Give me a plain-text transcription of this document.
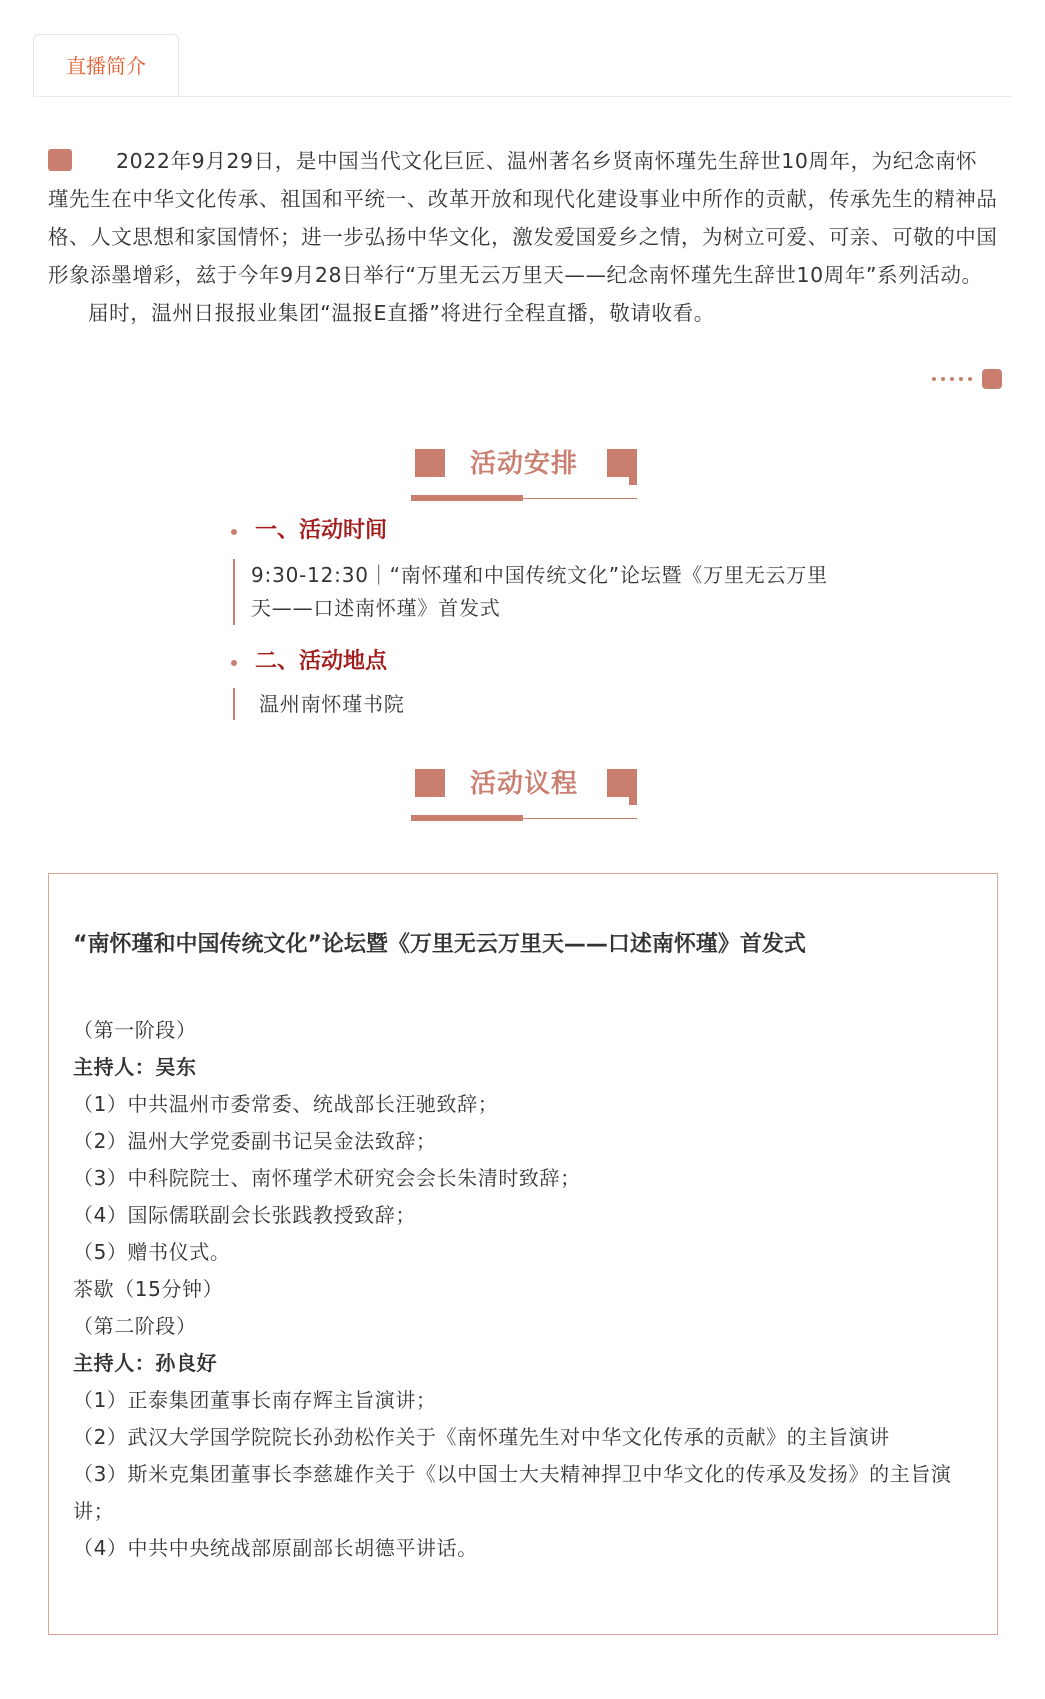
直播简介

2022年9月29日，是中国当代文化巨匠、温州著名乡贤南怀瑾先生辞世10周年，为纪念南怀瑾先生在中华文化传承、祖国和平统一、改革开放和现代化建设事业中所作的贡献，传承先生的精神品格、人文思想和家国情怀；进一步弘扬中华文化，激发爱国爱乡之情，为树立可爱、可亲、可敬的中国形象添墨增彩，兹于今年9月28日举行“万里无云万里天——纪念南怀瑾先生辞世10周年”系列活动。

届时，温州日报报业集团“温报E直播”将进行全程直播，敬请收看。

活动安排
一、活动时间
9:30-12:30｜“南怀瑾和中国传统文化”论坛暨《万里无云万里天——口述南怀瑾》首发式
二、活动地点
温州南怀瑾书院
活动议程
“南怀瑾和中国传统文化”论坛暨《万里无云万里天——口述南怀瑾》首发式
（第一阶段）
主持人：吴东
（1）中共温州市委常委、统战部长汪驰致辞；
（2）温州大学党委副书记吴金法致辞；
（3）中科院院士、南怀瑾学术研究会会长朱清时致辞；
（4）国际儒联副会长张践教授致辞；
（5）赠书仪式。
茶歇（15分钟）
（第二阶段）
主持人：孙良好
（1）正泰集团董事长南存辉主旨演讲；
（2）武汉大学国学院院长孙劲松作关于《南怀瑾先生对中华文化传承的贡献》的主旨演讲
（3）斯米克集团董事长李慈雄作关于《以中国士大夫精神捍卫中华文化的传承及发扬》的主旨演讲；
（4）中共中央统战部原副部长胡德平讲话。
